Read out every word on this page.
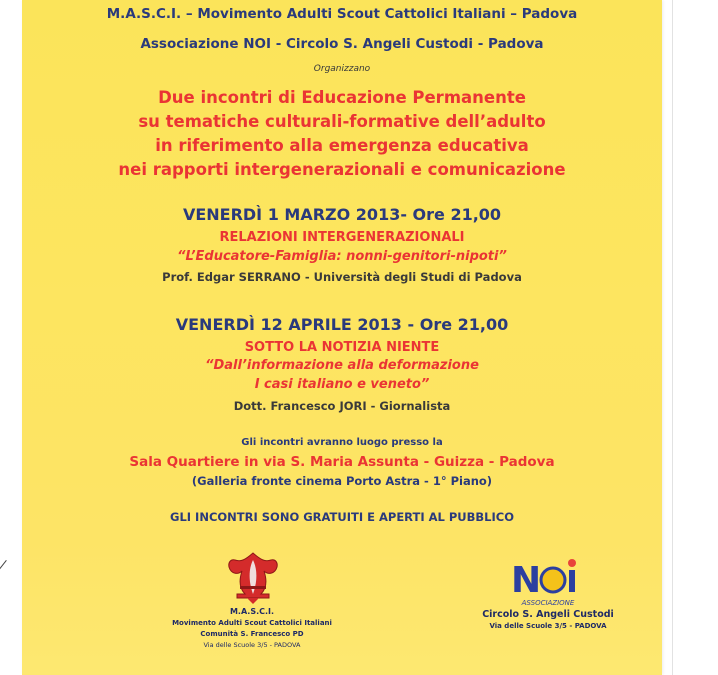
M.A.S.C.I. – Movimento Adulti Scout Cattolici Italiani – Padova
Associazione NOI - Circolo S. Angeli Custodi - Padova
Organizzano
Due incontri di Educazione Permanente
su tematiche culturali-formative dell’adulto
in riferimento alla emergenza educativa
nei rapporti intergenerazionali e comunicazione
VENERDÌ 1 MARZO 2013- Ore 21,00
RELAZIONI INTERGENERAZIONALI
“L’Educatore-Famiglia: nonni-genitori-nipoti”
Prof. Edgar SERRANO - Università degli Studi di Padova
VENERDÌ 12 APRILE 2013 - Ore 21,00
SOTTO LA NOTIZIA NIENTE
“Dall’informazione alla deformazione
I casi italiano e veneto”
Dott. Francesco JORI - Giornalista
Gli incontri avranno luogo presso la
Sala Quartiere in via S. Maria Assunta - Guizza - Padova
(Galleria fronte cinema Porto Astra - 1° Piano)
GLI INCONTRI SONO GRATUITI E APERTI AL PUBBLICO
M.A.S.C.I.
Movimento Adulti Scout Cattolici Italiani
Comunità S. Francesco PD
Via delle Scuole 3/5 - PADOVA
N
ASSOCIAZIONE
Circolo S. Angeli Custodi
Via delle Scuole 3/5 - PADOVA
